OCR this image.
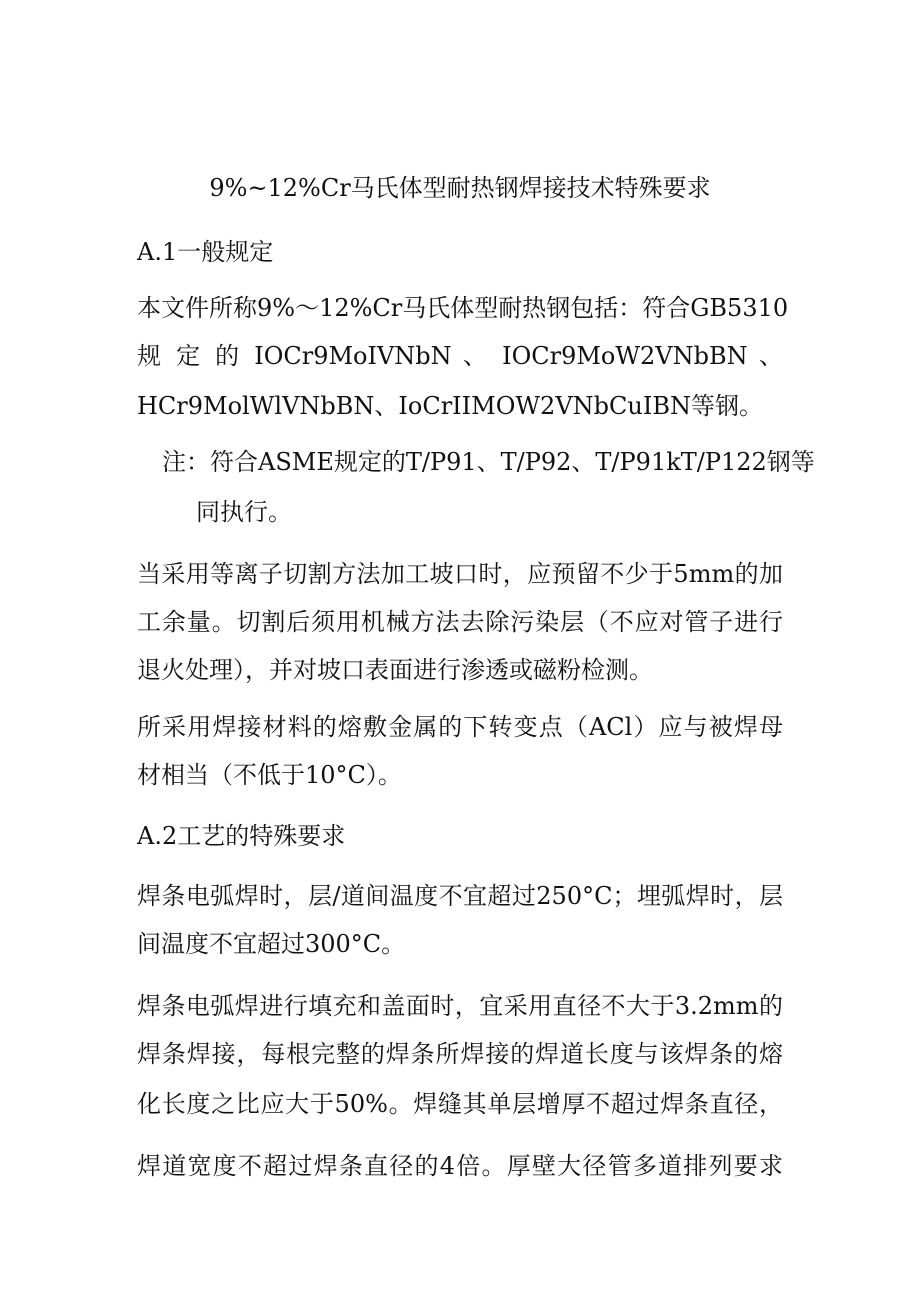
9%~12%Cr马氏体型耐热钢焊接技术特殊要求
A.1一般规定
本文件所称9%～12%Cr马氏体型耐热钢包括：符合GB5310
规 定 的 IOCr9MoIVNbN 、 IOCr9MoW2VNbBN 、
HCr9MolWlVNbBN、IoCrIIMOW2VNbCuIBN等钢。
注：符合ASME规定的T/P91、T/P92、T/P91kT/P122钢等
同执行。
当采用等离子切割方法加工坡口时，应预留不少于5mm的加
工余量。切割后须用机械方法去除污染层（不应对管子进行
退火处理），并对坡口表面进行渗透或磁粉检测。
所采用焊接材料的熔敷金属的下转变点（ACl）应与被焊母
材相当（不低于10°C）。
A.2工艺的特殊要求
焊条电弧焊时，层/道间温度不宜超过250°C；埋弧焊时，层
间温度不宜超过300°C。
焊条电弧焊进行填充和盖面时，宜采用直径不大于3.2mm的
焊条焊接，每根完整的焊条所焊接的焊道长度与该焊条的熔
化长度之比应大于50%。焊缝其单层增厚不超过焊条直径，
焊道宽度不超过焊条直径的4倍。厚壁大径管多道排列要求
